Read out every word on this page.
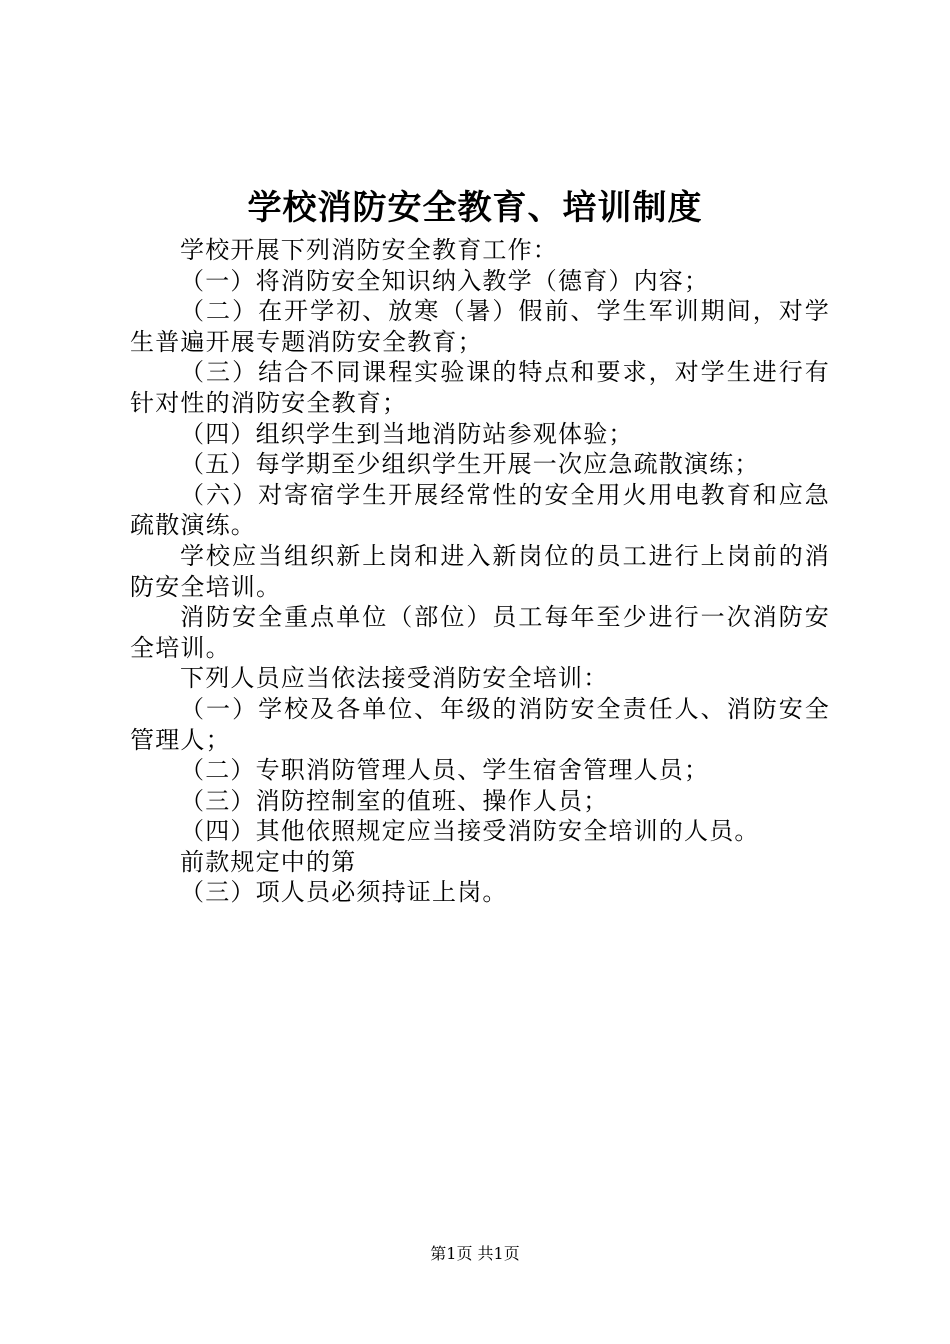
学校消防安全教育、培训制度

学校开展下列消防安全教育工作：

（一）将消防安全知识纳入教学（德育）内容；

（二）在开学初、放寒（暑）假前、学生军训期间，对学生普遍开展专题消防安全教育；

（三）结合不同课程实验课的特点和要求，对学生进行有针对性的消防安全教育；

（四）组织学生到当地消防站参观体验；

（五）每学期至少组织学生开展一次应急疏散演练；

（六）对寄宿学生开展经常性的安全用火用电教育和应急疏散演练。

学校应当组织新上岗和进入新岗位的员工进行上岗前的消防安全培训。

消防安全重点单位（部位）员工每年至少进行一次消防安全培训。

下列人员应当依法接受消防安全培训：

（一）学校及各单位、年级的消防安全责任人、消防安全管理人；

（二）专职消防管理人员、学生宿舍管理人员；

（三）消防控制室的值班、操作人员；

（四）其他依照规定应当接受消防安全培训的人员。

前款规定中的第

（三）项人员必须持证上岗。

第1页 共1页
